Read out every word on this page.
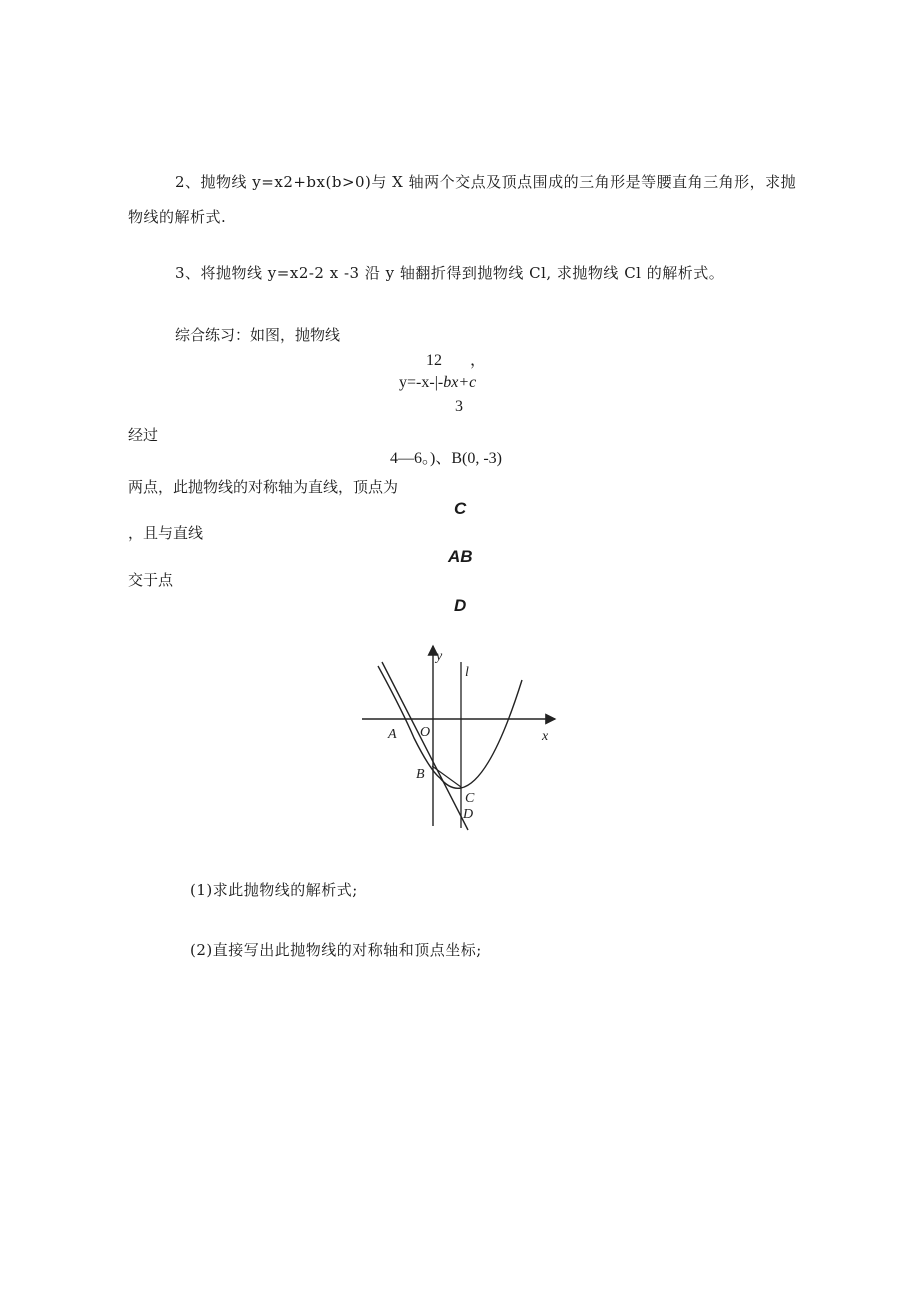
2、抛物线 y=x2+bx(b>0)与 X 轴两个交点及顶点围成的三角形是等腰直角三角形，求抛
物线的解析式.
3、将抛物线 y=x2-2 x -3 沿 y 轴翻折得到抛物线 Cl, 求抛物线 Cl 的解析式。
综合练习：如图，抛物线
12 ，
y=-x-|-bx+c
3
经过
4—6。)、B(0, -3)
两点，此抛物线的对称轴为直线，顶点为
C
，且与直线
AB
交于点
D
y
x
l
A O
B
C
D
(1)求此抛物线的解析式;
(2)直接写出此抛物线的对称轴和顶点坐标;
